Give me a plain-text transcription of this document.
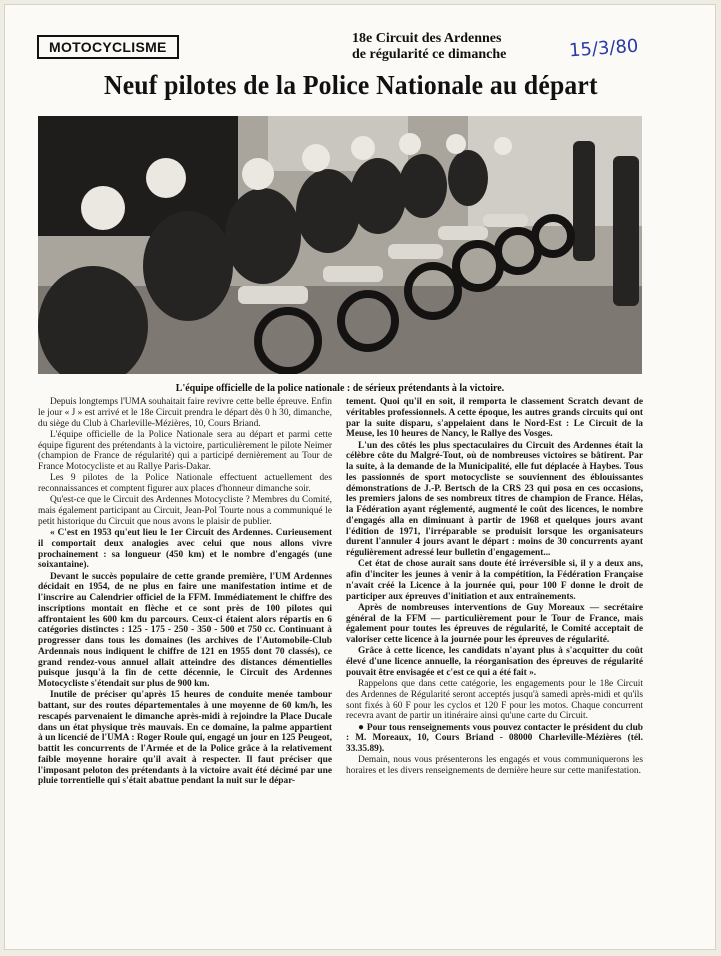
MOTOCYCLISME
18e Circuit des Ardennes
de régularité ce dimanche	15/3/80
Neuf pilotes de la Police Nationale au départ
L'équipe officielle de la police nationale : de sérieux prétendants à la victoire.

Depuis longtemps l'UMA souhaitait faire revivre cette belle épreuve. Enfin le jour « J » est arrivé et le 18e Circuit prendra le départ dès 0 h 30, dimanche, du siège du Club à Charleville-Mézières, 10, Cours Briand.

L'équipe officielle de la Police Nationale sera au départ et parmi cette équipe figurent des prétendants à la victoire, particulièrement le pilote Neimer (champion de France de régularité) qui a participé dernièrement au Tour de France Motocycliste et au Rallye Paris-Dakar.

Les 9 pilotes de la Police Nationale effectuent actuellement des reconnaissances et comptent figurer aux places d'honneur dimanche soir.

Qu'est-ce que le Circuit des Ardennes Motocycliste ? Membres du Comité, mais également participant au Circuit, Jean-Pol Tourte nous a communiqué le petit historique du Circuit que nous avons le plaisir de publier.

« C'est en 1953 qu'eut lieu le 1er Circuit des Ardennes. Curieusement il comportait deux analogies avec celui que nous allons vivre prochainement : sa longueur (450 km) et le nombre d'engagés (une soixantaine).

Devant le succès populaire de cette grande première, l'UM Ardennes décidait en 1954, de ne plus en faire une manifestation intime et de l'inscrire au Calendrier officiel de la FFM. Immédiatement le chiffre des inscriptions montait en flèche et ce sont près de 100 pilotes qui affrontaient les 600 km du parcours. Ceux-ci étaient alors répartis en 6 catégories distinctes : 125 - 175 - 250 - 350 - 500 et 750 cc. Continuant à progresser dans tous les domaines (les archives de l'Automobile-Club Ardennais nous indiquent le chiffre de 121 en 1955 dont 70 classés), ce grand rendez-vous annuel allait atteindre des distances démentielles puisque jusqu'à la fin de cette décennie, le Circuit des Ardennes Motocycliste s'étendait sur plus de 900 km.

Inutile de préciser qu'après 15 heures de conduite menée tambour battant, sur des routes départementales à une moyenne de 60 km/h, les rescapés parvenaient le dimanche après-midi à rejoindre la Place Ducale dans un état physique très mauvais. En ce domaine, la palme appartient à un licencié de l'UMA : Roger Roule qui, engagé un jour en 125 Peugeot, battit les concurrents de l'Armée et de la Police grâce à la relativement faible moyenne horaire qu'il avait à respecter. Il faut préciser que l'imposant peloton des prétendants à la victoire avait été décimé par une pluie torrentielle qui s'était abattue pendant la nuit sur le dépar-

tement. Quoi qu'il en soit, il remporta le classement Scratch devant de véritables professionnels. A cette époque, les autres grands circuits qui ont par la suite disparu, s'appelaient dans le Nord-Est : Le Circuit de la Meuse, les 10 heures de Nancy, le Rallye des Vosges.

L'un des côtés les plus spectaculaires du Circuit des Ardennes était la célèbre côte du Malgré-Tout, où de nombreuses victoires se bâtirent. Par la suite, à la demande de la Municipalité, elle fut déplacée à Haybes. Tous les passionnés de sport motocycliste se souviennent des éblouissantes démonstrations de J.-P. Bertsch de la CRS 23 qui posa en ces occasions, les premiers jalons de ses nombreux titres de champion de France. Hélas, la Fédération ayant réglementé, augmenté le coût des licences, le nombre d'engagés alla en diminuant à partir de 1968 et quelques jours avant l'édition de 1971, l'irréparable se produisit lorsque les organisateurs durent l'annuler 4 jours avant le départ : moins de 30 concurrents ayant régulièrement adressé leur bulletin d'engagement...

Cet état de chose aurait sans doute été irréversible si, il y a deux ans, afin d'inciter les jeunes à venir à la compétition, la Fédération Française n'avait créé la Licence à la journée qui, pour 100 F donne le droit de participer aux épreuves d'initiation et aux entraînements.

Après de nombreuses interventions de Guy Moreaux — secrétaire général de la FFM — particulièrement pour le Tour de France, mais également pour toutes les épreuves de régularité, le Comité acceptait de valoriser cette licence à la journée pour les épreuves de régularité.

Grâce à cette licence, les candidats n'ayant plus à s'acquitter du coût élevé d'une licence annuelle, la réorganisation des épreuves de régularité pouvait être envisagée et c'est ce qui a été fait ».

Rappelons que dans cette catégorie, les engagements pour le 18e Circuit des Ardennes de Régularité seront acceptés jusqu'à samedi après-midi et qu'ils sont fixés à 60 F pour les cyclos et 120 F pour les motos. Chaque concurrent recevra avant de partir un itinéraire ainsi qu'une carte du Circuit.

● Pour tous renseignements vous pouvez contacter le président du club : M. Moreaux, 10, Cours Briand - 08000 Charleville-Mézières (tél. 33.35.89).

Demain, nous vous présenterons les engagés et vous communiquerons les horaires et les divers renseignements de dernière heure sur cette manifestation.
